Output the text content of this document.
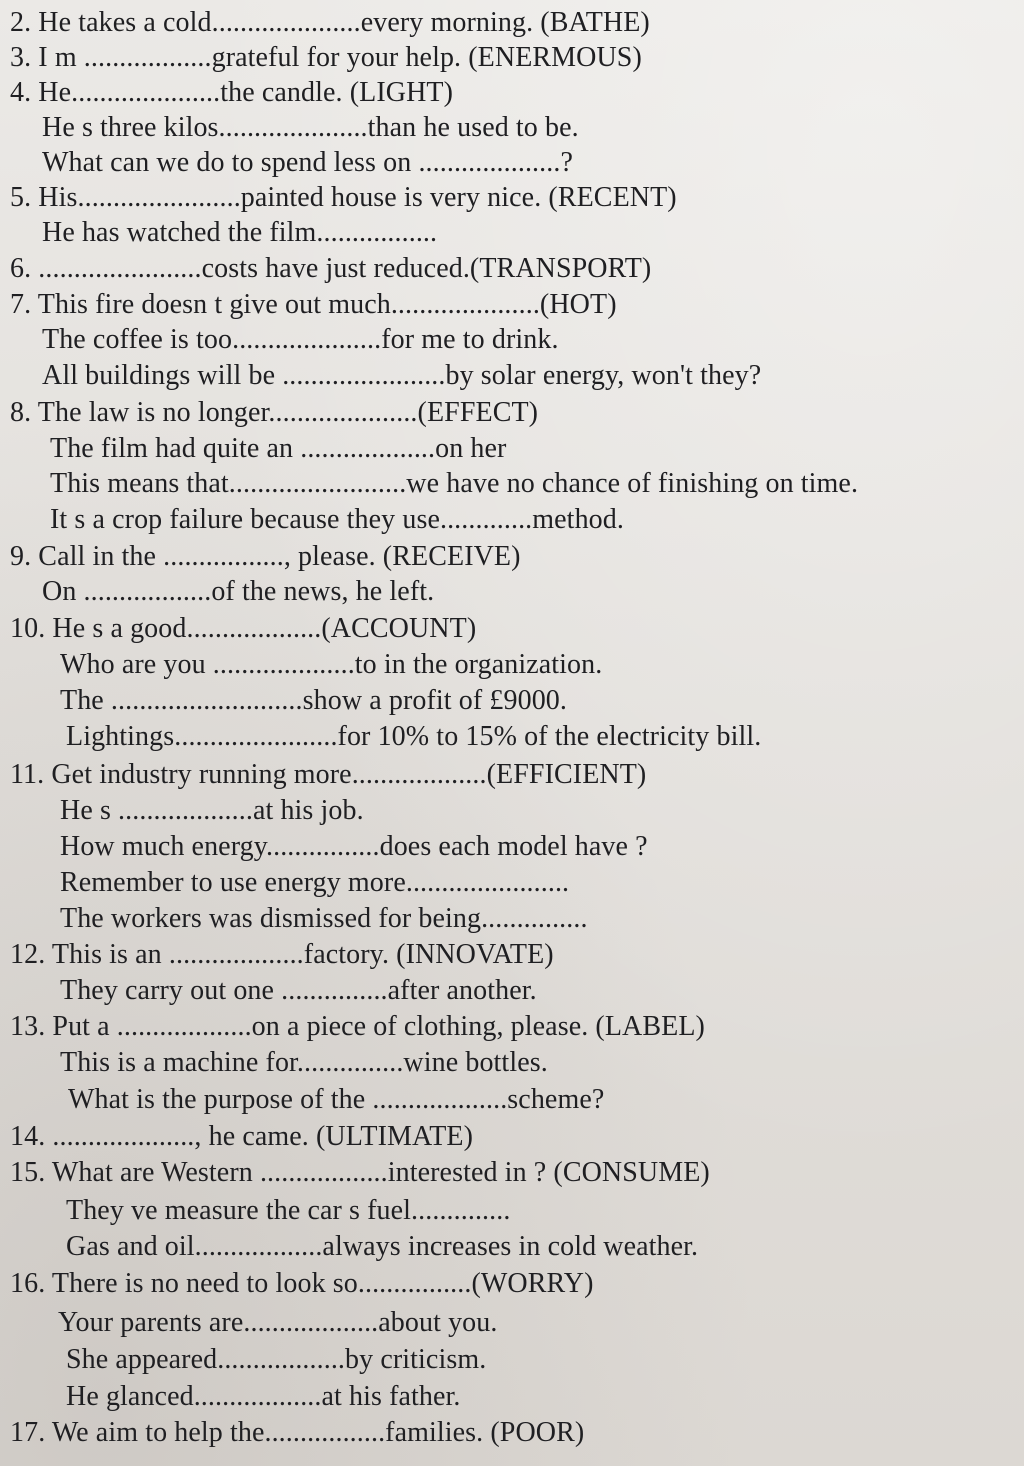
2. He takes a cold.....................every morning. (BATHE)
3. I m ..................grateful for your help. (ENERMOUS)
4. He.....................the candle. (LIGHT)
He s three kilos.....................than he used to be.
What can we do to spend less on ....................?
5. His.......................painted house is very nice. (RECENT)
He has watched the film.................
6. .......................costs have just reduced.(TRANSPORT)
7. This fire doesn t give out much.....................(HOT)
The coffee is too.....................for me to drink.
All buildings will be .......................by solar energy, won't they?
8. The law is no longer.....................(EFFECT)
The film had quite an ...................on her
This means that.........................we have no chance of finishing on time.
It s a crop failure because they use.............method.
9. Call in the ................., please. (RECEIVE)
On ..................of the news, he left.
10. He s a good...................(ACCOUNT)
Who are you ....................to in the organization.
The ...........................show a profit of £9000.
Lightings.......................for 10% to 15% of the electricity bill.
11. Get industry running more...................(EFFICIENT)
He s ...................at his job.
How much energy................does each model have ?
Remember to use energy more.......................
The workers was dismissed for being...............
12. This is an ...................factory. (INNOVATE)
They carry out one ...............after another.
13. Put a ...................on a piece of clothing, please. (LABEL)
This is a machine for...............wine bottles.
What is the purpose of the ...................scheme?
14. ...................., he came. (ULTIMATE)
15. What are Western ..................interested in ? (CONSUME)
They ve measure the car s fuel..............
Gas and oil..................always increases in cold weather.
16. There is no need to look so................(WORRY)
Your parents are...................about you.
She appeared..................by criticism.
He glanced..................at his father.
17. We aim to help the.................families. (POOR)
